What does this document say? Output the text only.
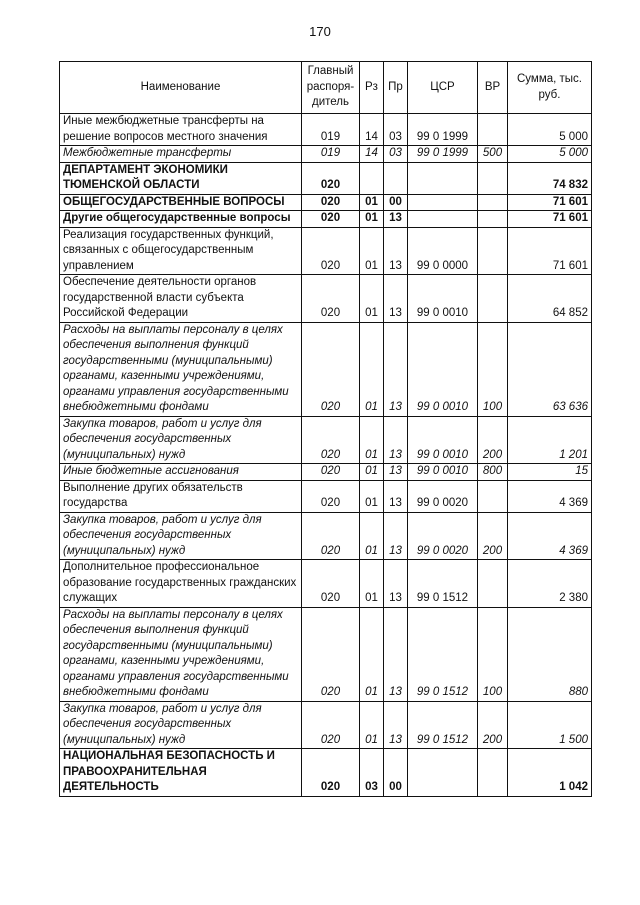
170
Наименование	Главный распоря-дитель	Рз	Пр	ЦСР	ВР	Сумма, тыс. руб.
Иные межбюджетные трансферты на решение вопросов местного значения	019	14	03	99 0 1999		5 000
Межбюджетные трансферты	019	14	03	99 0 1999	500	5 000
ДЕПАРТАМЕНТ ЭКОНОМИКИ ТЮМЕНСКОЙ ОБЛАСТИ	020					74 832
ОБЩЕГОСУДАРСТВЕННЫЕ ВОПРОСЫ	020	01	00			71 601
Другие общегосударственные вопросы	020	01	13			71 601
Реализация государственных функций, связанных с общегосударственным управлением	020	01	13	99 0 0000		71 601
Обеспечение деятельности органов государственной власти субъекта Российской Федерации	020	01	13	99 0 0010		64 852
Расходы на выплаты персоналу в целях обеспечения выполнения функций государственными (муниципальными) органами, казенными учреждениями, органами управления государственными внебюджетными фондами	020	01	13	99 0 0010	100	63 636
Закупка товаров, работ и услуг для обеспечения государственных (муниципальных) нужд	020	01	13	99 0 0010	200	1 201
Иные бюджетные ассигнования	020	01	13	99 0 0010	800	15
Выполнение других обязательств государства	020	01	13	99 0 0020		4 369
Закупка товаров, работ и услуг для обеспечения государственных (муниципальных) нужд	020	01	13	99 0 0020	200	4 369
Дополнительное профессиональное образование государственных гражданских служащих	020	01	13	99 0 1512		2 380
Расходы на выплаты персоналу в целях обеспечения выполнения функций государственными (муниципальными) органами, казенными учреждениями, органами управления государственными внебюджетными фондами	020	01	13	99 0 1512	100	880
Закупка товаров, работ и услуг для обеспечения государственных (муниципальных) нужд	020	01	13	99 0 1512	200	1 500
НАЦИОНАЛЬНАЯ БЕЗОПАСНОСТЬ И ПРАВООХРАНИТЕЛЬНАЯ ДЕЯТЕЛЬНОСТЬ	020	03	00			1 042
